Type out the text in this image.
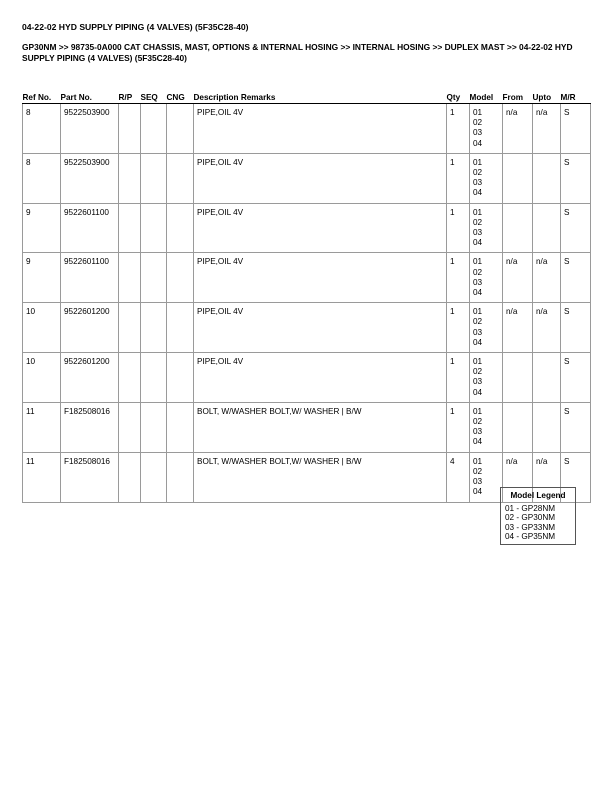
04-22-02 HYD SUPPLY PIPING (4 VALVES) (5F35C28-40)
GP30NM >> 98735-0A000 CAT CHASSIS, MAST, OPTIONS & INTERNAL HOSING >> INTERNAL HOSING >> DUPLEX MAST >> 04-22-02 HYD SUPPLY PIPING (4 VALVES) (5F35C28-40)
Ref No.	Part No.	R/P	SEQ	CNG	Description Remarks	Qty	Model	From	Upto	M/R
8	9522503900				PIPE,OIL 4V	1	01
02
03
04	n/a	n/a	S
8	9522503900				PIPE,OIL 4V	1	01
02
03
04			S
9	9522601100				PIPE,OIL 4V	1	01
02
03
04			S
9	9522601100				PIPE,OIL 4V	1	01
02
03
04	n/a	n/a	S
10	9522601200				PIPE,OIL 4V	1	01
02
03
04	n/a	n/a	S
10	9522601200				PIPE,OIL 4V	1	01
02
03
04			S
11	F182508016				BOLT, W/WASHER BOLT,W/ WASHER | B/W	1	01
02
03
04			S
11	F182508016				BOLT, W/WASHER BOLT,W/ WASHER | B/W	4	01
02
03
04	n/a	n/a	S
Model Legend
01 - GP28NM
02 - GP30NM
03 - GP33NM
04 - GP35NM
